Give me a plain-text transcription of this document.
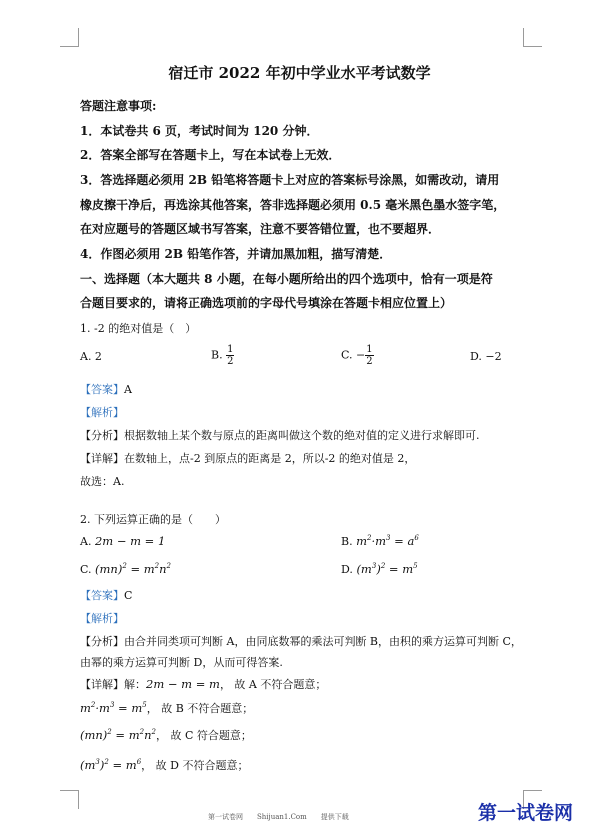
宿迁市 2022 年初中学业水平考试数学
答题注意事项:
1．本试卷共 6 页，考试时间为 120 分钟．
2．答案全部写在答题卡上，写在本试卷上无效．
3．答选择题必须用 2B 铅笔将答题卡上对应的答案标号涂黑，如需改动，请用
橡皮擦干净后，再选涂其他答案，答非选择题必须用 0.5 毫米黑色墨水签字笔，
在对应题号的答题区域书写答案，注意不要答错位置，也不要超界．
4．作图必须用 2B 铅笔作答，并请加黑加粗，描写清楚．
一、选择题（本大题共 8 小题，在每小题所给出的四个选项中，恰有一项是符
合题目要求的，请将正确选项前的字母代号填涂在答题卡相应位置上）
1. -2 的绝对值是（　）
A. 2	B. $\frac{1}{2}$	C. − $\frac{1}{2}$	D. −2
【答案】A
【解析】
【分析】根据数轴上某个数与原点的距离叫做这个数的绝对值的定义进行求解即可.
【详解】在数轴上，点-2 到原点的距离是 2，所以-2 的绝对值是 2，
故选：A.
2. 下列运算正确的是（　　）
A. 2m − m = 1	B. $m^2\cdot m^3 = a^6$
C. $(mn)^2 = m^2n^2$	D. $(m^3)^2 = m^5$
【答案】C
【解析】
【分析】由合并同类项可判断 A，由同底数幂的乘法可判断 B，由积的乘方运算可判断 C，
由幂的乘方运算可判断 D，从而可得答案.
【详解】解：2m − m = m， 故 A 不符合题意；
$m^2\cdot m^3 = m^5$， 故 B 不符合题意；
$(mn)^2 = m^2n^2$， 故 C 符合题意；
$(m^3)^2 = m^6$， 故 D 不符合题意；
第一试卷网　　Shijuan1.Com　　提供下载	第一试卷网
